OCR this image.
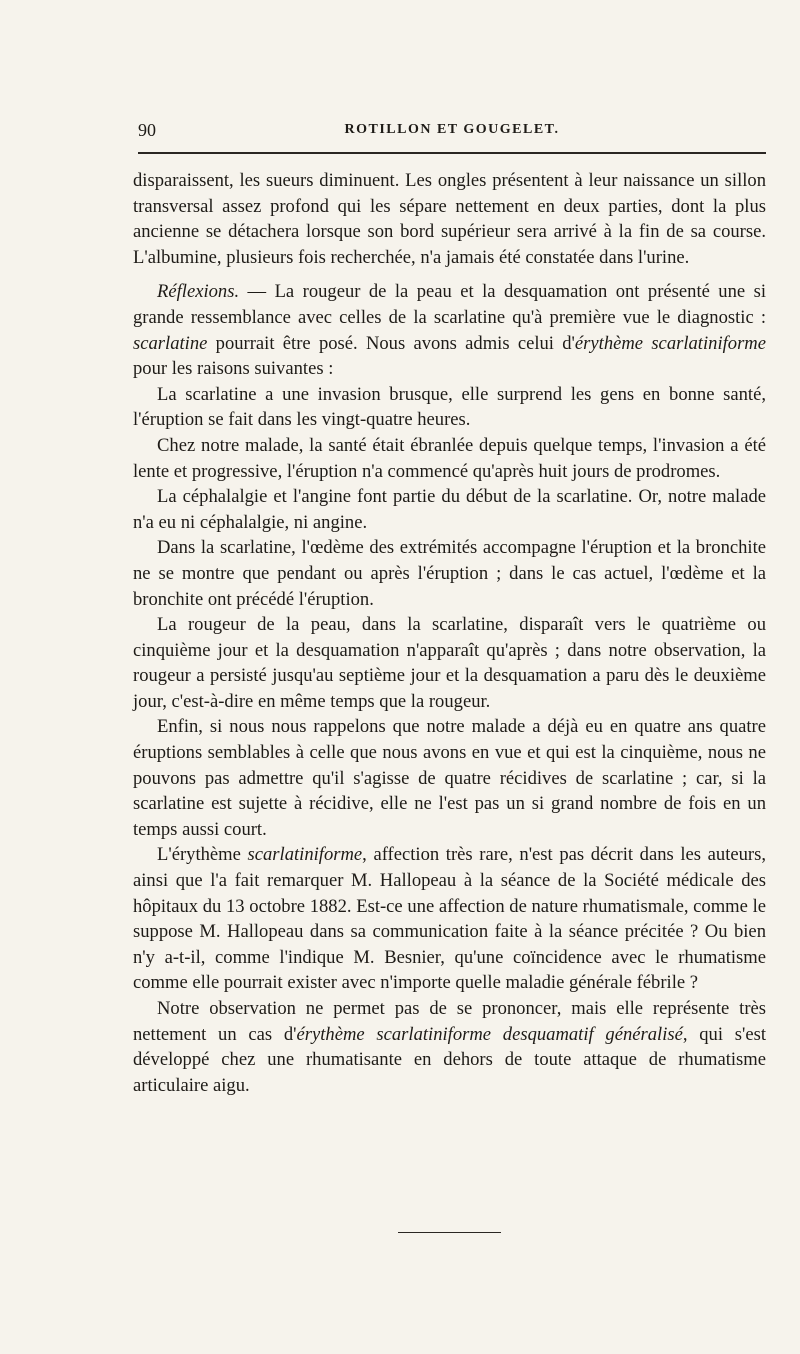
90	ROTILLON ET GOUGELET.

disparaissent, les sueurs diminuent. Les ongles présentent à leur naissance un sillon transversal assez profond qui les sépare nettement en deux parties, dont la plus ancienne se détachera lorsque son bord supérieur sera arrivé à la fin de sa course. L'albumine, plusieurs fois recherchée, n'a jamais été constatée dans l'urine.

Réflexions. — La rougeur de la peau et la desquamation ont présenté une si grande ressemblance avec celles de la scarlatine qu'à première vue le diagnostic : scarlatine pourrait être posé. Nous avons admis celui d'érythème scarlatiniforme pour les raisons suivantes :

La scarlatine a une invasion brusque, elle surprend les gens en bonne santé, l'éruption se fait dans les vingt-quatre heures.

Chez notre malade, la santé était ébranlée depuis quelque temps, l'invasion a été lente et progressive, l'éruption n'a commencé qu'après huit jours de prodromes.

La céphalalgie et l'angine font partie du début de la scarlatine. Or, notre malade n'a eu ni céphalalgie, ni angine.

Dans la scarlatine, l'œdème des extrémités accompagne l'éruption et la bronchite ne se montre que pendant ou après l'éruption ; dans le cas actuel, l'œdème et la bronchite ont précédé l'éruption.

La rougeur de la peau, dans la scarlatine, disparaît vers le quatrième ou cinquième jour et la desquamation n'apparaît qu'après ; dans notre observation, la rougeur a persisté jusqu'au septième jour et la desquamation a paru dès le deuxième jour, c'est-à-dire en même temps que la rougeur.

Enfin, si nous nous rappelons que notre malade a déjà eu en quatre ans quatre éruptions semblables à celle que nous avons en vue et qui est la cinquième, nous ne pouvons pas admettre qu'il s'agisse de quatre récidives de scarlatine ; car, si la scarlatine est sujette à récidive, elle ne l'est pas un si grand nombre de fois en un temps aussi court.

L'érythème scarlatiniforme, affection très rare, n'est pas décrit dans les auteurs, ainsi que l'a fait remarquer M. Hallopeau à la séance de la Société médicale des hôpitaux du 13 octobre 1882. Est-ce une affection de nature rhumatismale, comme le suppose M. Hallopeau dans sa communication faite à la séance précitée ? Ou bien n'y a-t-il, comme l'indique M. Besnier, qu'une coïncidence avec le rhumatisme comme elle pourrait exister avec n'importe quelle maladie générale fébrile ?

Notre observation ne permet pas de se prononcer, mais elle représente très nettement un cas d'érythème scarlatiniforme desquamatif généralisé, qui s'est développé chez une rhumatisante en dehors de toute attaque de rhumatisme articulaire aigu.
